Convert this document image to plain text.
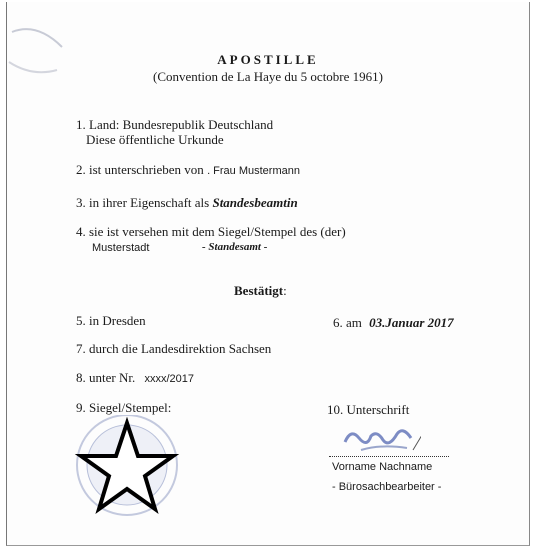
APOSTILLE
(Convention de La Haye du 5 octobre 1961)
1. Land: Bundesrepublik Deutschland
Diese öffentliche Urkunde
2. ist unterschrieben von . Frau Mustermann
3. in ihrer Eigenschaft als Standesbeamtin
4. sie ist versehen mit dem Siegel/Stempel des (der)
Musterstadt	- Standesamt -
Bestätigt:
5. in Dresden	6. am 03.Januar 2017
7. durch die Landesdirektion Sachsen
8. unter Nr. xxxx/2017
9. Siegel/Stempel:	10. Unterschrift
Vorname Nachname
- Bürosachbearbeiter -
